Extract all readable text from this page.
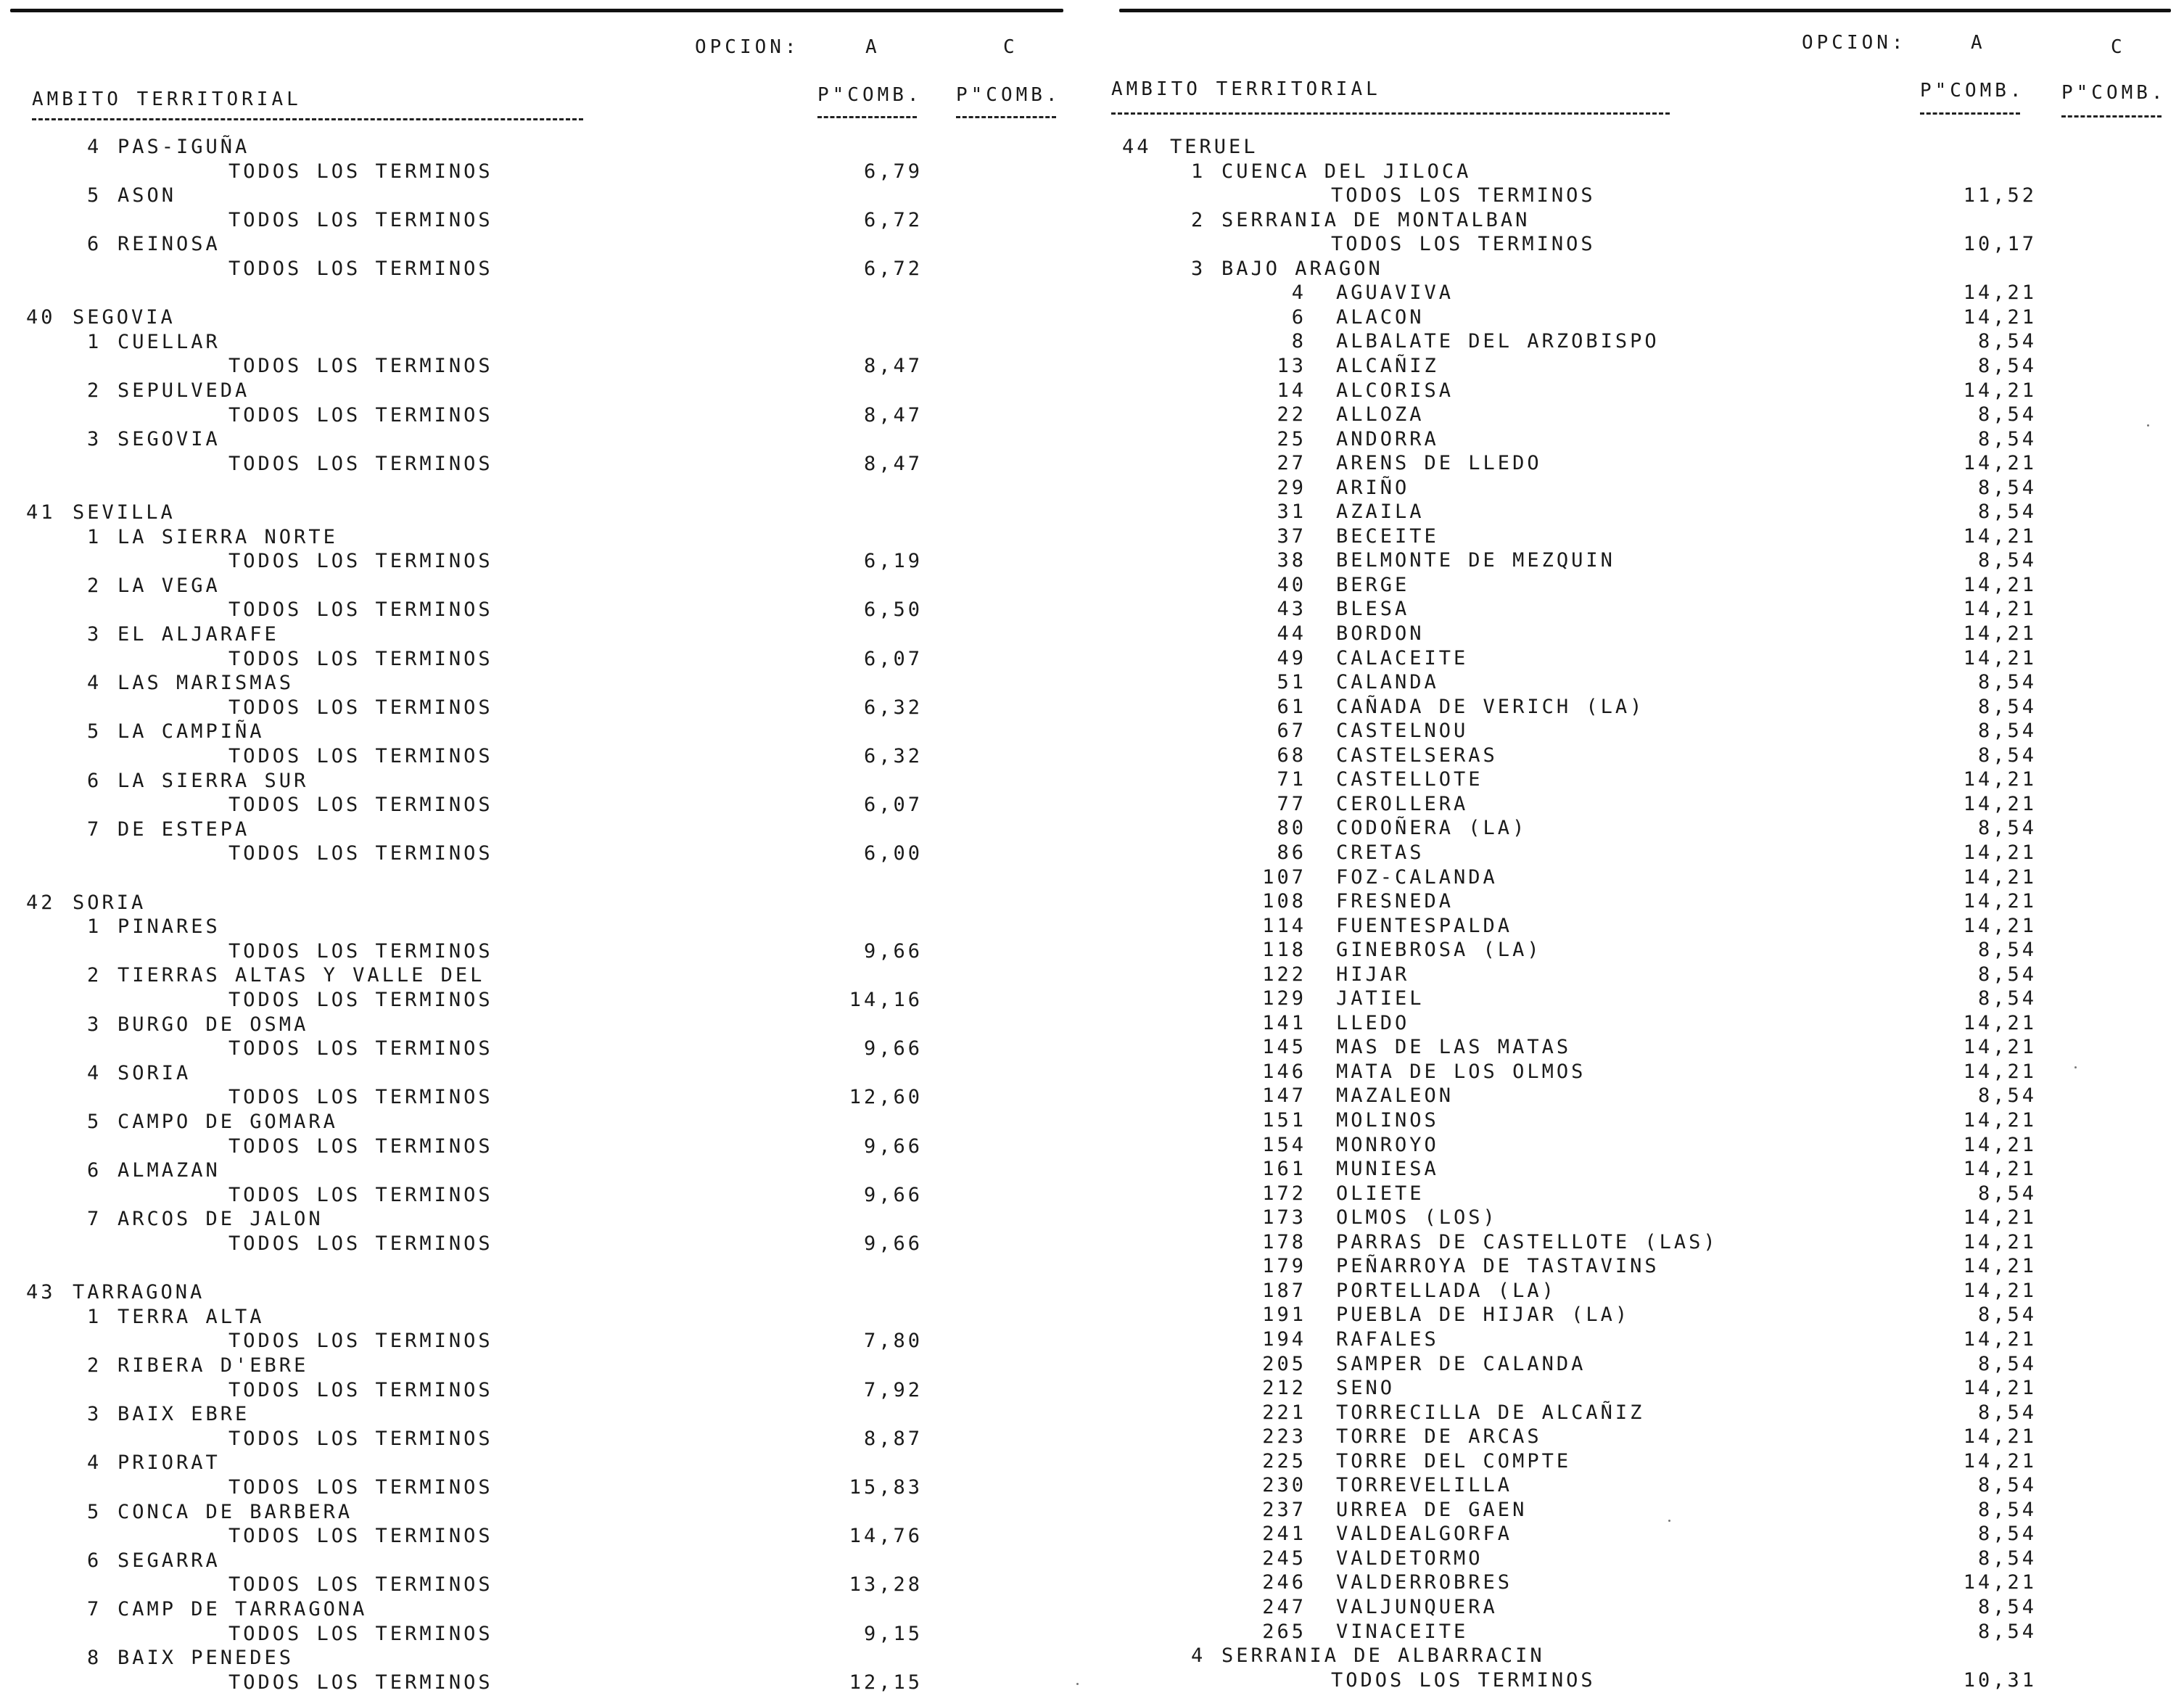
OPCION:	A	C
AMBITO TERRITORIAL	P"COMB. P"COMB.
4 PAS-IGUÑA
TODOS LOS TERMINOS	6,79
5 ASON
TODOS LOS TERMINOS	6,72
6 REINOSA
TODOS LOS TERMINOS	6,72
40 SEGOVIA
1 CUELLAR
TODOS LOS TERMINOS	8,47
2 SEPULVEDA
TODOS LOS TERMINOS	8,47
3 SEGOVIA
TODOS LOS TERMINOS	8,47
41 SEVILLA
1 LA SIERRA NORTE
TODOS LOS TERMINOS	6,19
2 LA VEGA
TODOS LOS TERMINOS	6,50
3 EL ALJARAFE
TODOS LOS TERMINOS	6,07
4 LAS MARISMAS
TODOS LOS TERMINOS	6,32
5 LA CAMPIÑA
TODOS LOS TERMINOS	6,32
6 LA SIERRA SUR
TODOS LOS TERMINOS	6,07
7 DE ESTEPA
TODOS LOS TERMINOS	6,00
42 SORIA
1 PINARES
TODOS LOS TERMINOS	9,66
2 TIERRAS ALTAS Y VALLE DEL
TODOS LOS TERMINOS	14,16
3 BURGO DE OSMA
TODOS LOS TERMINOS	9,66
4 SORIA
TODOS LOS TERMINOS	12,60
5 CAMPO DE GOMARA
TODOS LOS TERMINOS	9,66
6 ALMAZAN
TODOS LOS TERMINOS	9,66
7 ARCOS DE JALON
TODOS LOS TERMINOS	9,66
43 TARRAGONA
1 TERRA ALTA
TODOS LOS TERMINOS	7,80
2 RIBERA D'EBRE
TODOS LOS TERMINOS	7,92
3 BAIX EBRE
TODOS LOS TERMINOS	8,87
4 PRIORAT
TODOS LOS TERMINOS	15,83
5 CONCA DE BARBERA
TODOS LOS TERMINOS	14,76
6 SEGARRA
TODOS LOS TERMINOS	13,28
7 CAMP DE TARRAGONA
TODOS LOS TERMINOS	9,15
8 BAIX PENEDES
TODOS LOS TERMINOS	12,15
OPCION:	A	C
AMBITO TERRITORIAL	P"COMB. P"COMB.
44 TERUEL
1 CUENCA DEL JILOCA
TODOS LOS TERMINOS	11,52
2 SERRANIA DE MONTALBAN
TODOS LOS TERMINOS	10,17
3 BAJO ARAGON
4 AGUAVIVA	14,21
6 ALACON	14,21
8 ALBALATE DEL ARZOBISPO	8,54
13 ALCAÑIZ	8,54
14 ALCORISA	14,21
22 ALLOZA	8,54
25 ANDORRA	8,54
27 ARENS DE LLEDO	14,21
29 ARIÑO	8,54
31 AZAILA	8,54
37 BECEITE	14,21
38 BELMONTE DE MEZQUIN	8,54
40 BERGE	14,21
43 BLESA	14,21
44 BORDON	14,21
49 CALACEITE	14,21
51 CALANDA	8,54
61 CAÑADA DE VERICH (LA)	8,54
67 CASTELNOU	8,54
68 CASTELSERAS	8,54
71 CASTELLOTE	14,21
77 CEROLLERA	14,21
80 CODOÑERA (LA)	8,54
86 CRETAS	14,21
107 FOZ-CALANDA	14,21
108 FRESNEDA	14,21
114 FUENTESPALDA	14,21
118 GINEBROSA (LA)	8,54
122 HIJAR	8,54
129 JATIEL	8,54
141 LLEDO	14,21
145 MAS DE LAS MATAS	14,21
146 MATA DE LOS OLMOS	14,21
147 MAZALEON	8,54
151 MOLINOS	14,21
154 MONROYO	14,21
161 MUNIESA	14,21
172 OLIETE	8,54
173 OLMOS (LOS)	14,21
178 PARRAS DE CASTELLOTE (LAS)	14,21
179 PEÑARROYA DE TASTAVINS	14,21
187 PORTELLADA (LA)	14,21
191 PUEBLA DE HIJAR (LA)	8,54
194 RAFALES	14,21
205 SAMPER DE CALANDA	8,54
212 SENO	14,21
221 TORRECILLA DE ALCAÑIZ	8,54
223 TORRE DE ARCAS	14,21
225 TORRE DEL COMPTE	14,21
230 TORREVELILLA	8,54
237 URREA DE GAEN	8,54
241 VALDEALGORFA	8,54
245 VALDETORMO	8,54
246 VALDERROBRES	14,21
247 VALJUNQUERA	8,54
265 VINACEITE	8,54
4 SERRANIA DE ALBARRACIN
TODOS LOS TERMINOS	10,31
